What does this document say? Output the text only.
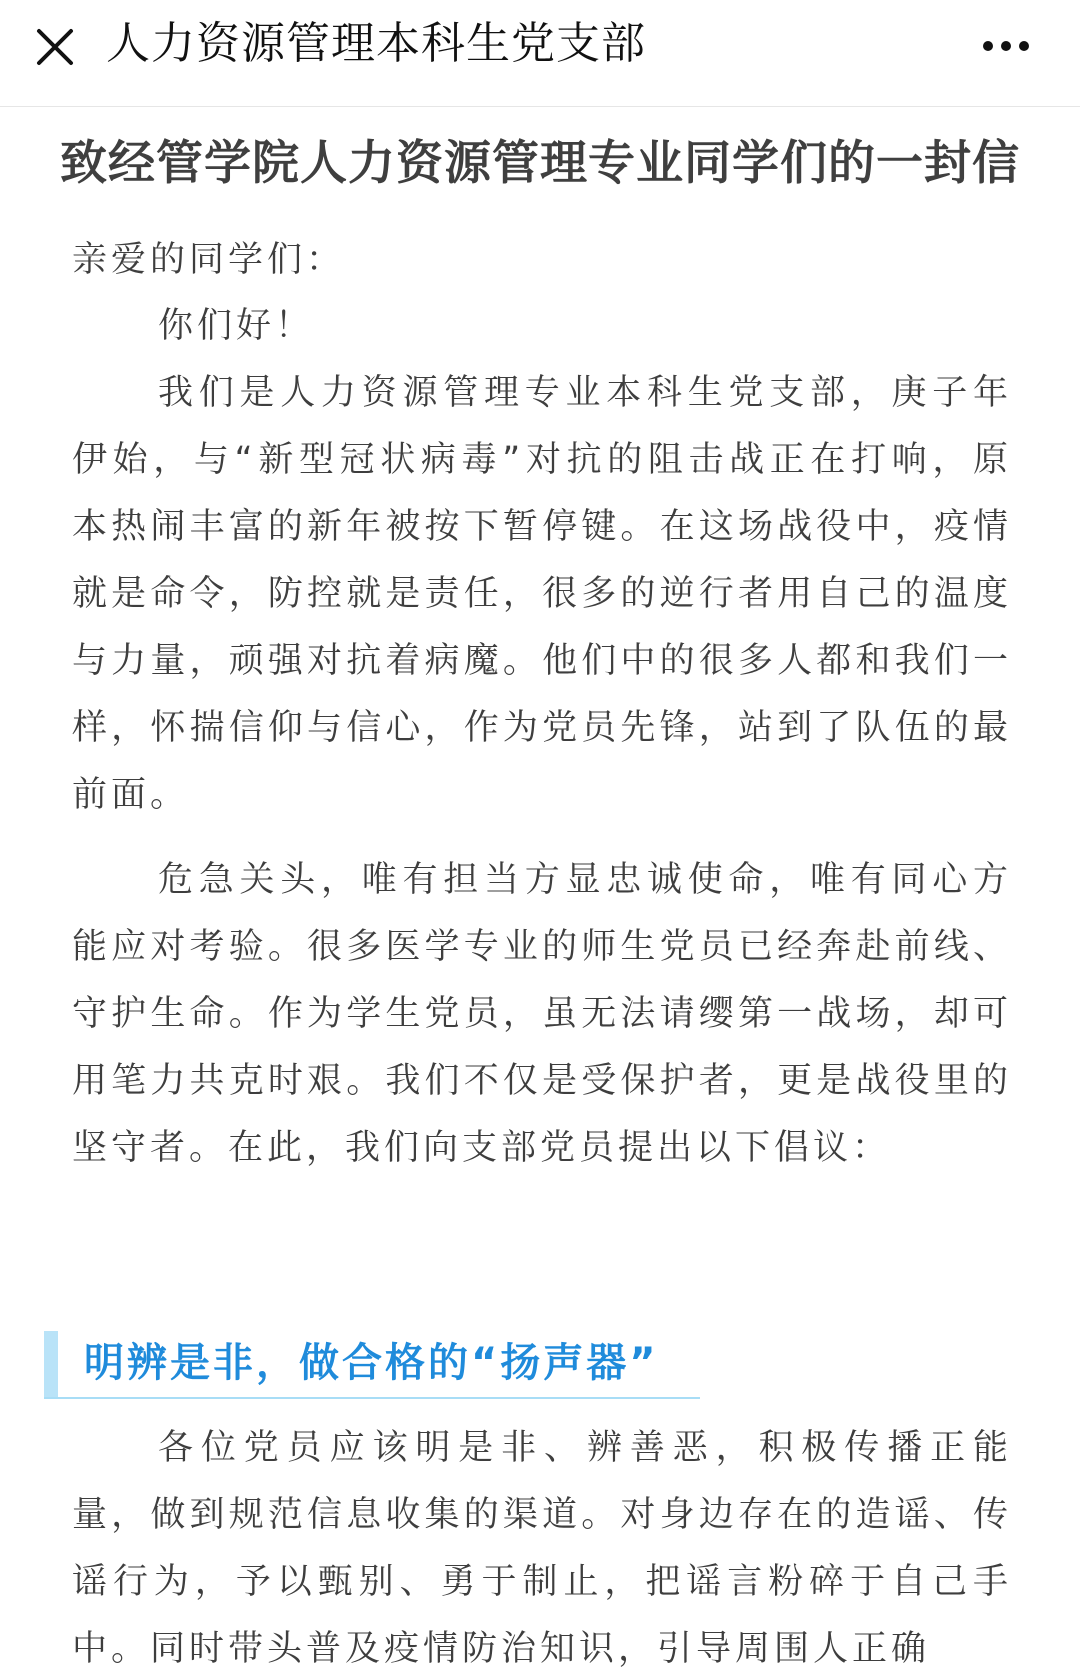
人力资源管理本科生党支部
致经管学院人力资源管理专业同学们的一封信
亲爱的同学们：
你们好！
我们是人力资源管理专业本科生党支部，庚子年伊始，与“新型冠状病毒”对抗的阻击战正在打响，原本热闹丰富的新年被按下暂停键。在这场战役中，疫情就是命令，防控就是责任，很多的逆行者用自己的温度与力量，顽强对抗着病魔。他们中的很多人都和我们一样，怀揣信仰与信心，作为党员先锋，站到了队伍的最前面。
危急关头，唯有担当方显忠诚使命，唯有同心方能应对考验。很多医学专业的师生党员已经奔赴前线、守护生命。作为学生党员，虽无法请缨第一战场，却可用笔力共克时艰。我们不仅是受保护者，更是战役里的坚守者。在此，我们向支部党员提出以下倡议：
明辨是非，做合格的“扬声器”
各位党员应该明是非、辨善恶，积极传播正能量，做到规范信息收集的渠道。对身边存在的造谣、传谣行为，予以甄别、勇于制止，把谣言粉碎于自己手中。同时带头普及疫情防治知识，引导周围人正确
